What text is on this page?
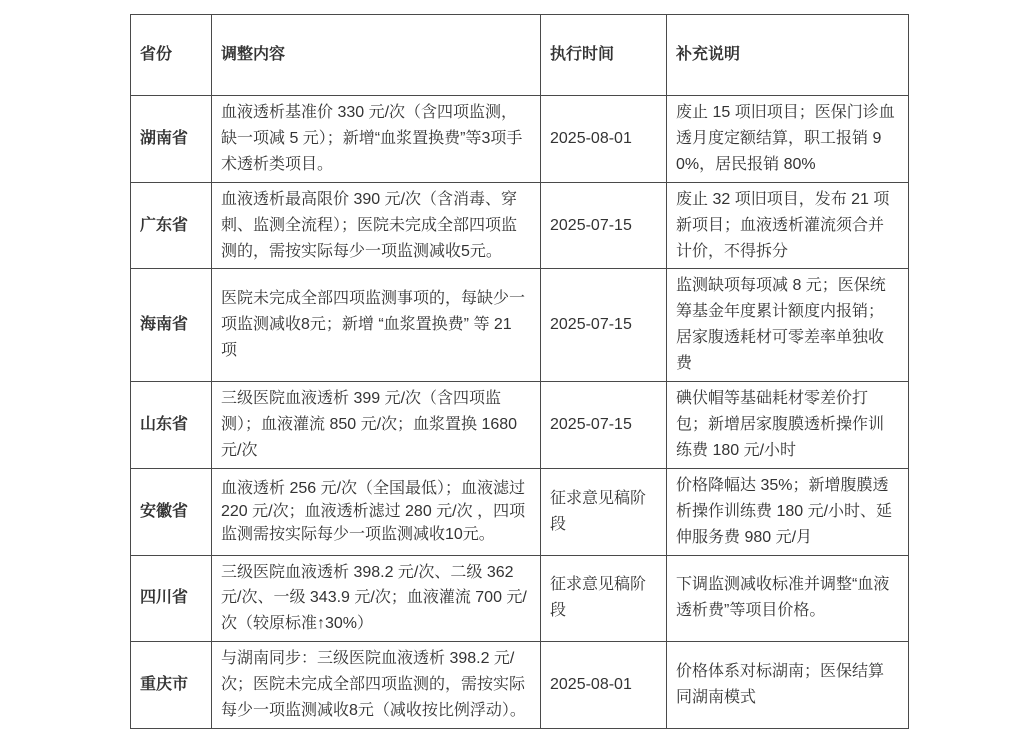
省份	调整内容	执行时间	补充说明
湖南省	血液透析基准价 330 元/次（含四项监测，缺一项减 5 元）；新增“血浆置换费”等3项手术透析类项目。	2025-08-01	废止 15 项旧项目；医保门诊血透月度定额结算，职工报销 90%，居民报销 80%
广东省	血液透析最高限价 390 元/次（含消毒、穿刺、监测全流程）；医院未完成全部四项监测的，需按实际每少一项监测减收5元。	2025-07-15	废止 32 项旧项目，发布 21 项新项目；血液透析灌流须合并计价，不得拆分
海南省	医院未完成全部四项监测事项的，每缺少一项监测减收8元；新增 “血浆置换费” 等 21 项	2025-07-15	监测缺项每项减 8 元；医保统筹基金年度累计额度内报销；居家腹透耗材可零差率单独收费
山东省	三级医院血液透析 399 元/次（含四项监测）；血液灌流 850 元/次；血浆置换 1680 元/次	2025-07-15	碘伏帽等基础耗材零差价打包；新增居家腹膜透析操作训练费 180 元/小时
安徽省	血液透析 256 元/次（全国最低）；血液滤过 220 元/次；血液透析滤过 280 元/次 ，四项监测需按实际每少一项监测减收10元。	征求意见稿阶段	价格降幅达 35%；新增腹膜透析操作训练费 180 元/小时、延伸服务费 980 元/月
四川省	三级医院血液透析 398.2 元/次、二级 362 元/次、一级 343.9 元/次；血液灌流 700 元/次（较原标准↑30%）	征求意见稿阶段	下调监测减收标准并调整“血液透析费”等项目价格。
重庆市	与湖南同步：三级医院血液透析 398.2 元/次；医院未完成全部四项监测的，需按实际每少一项监测减收8元（减收按比例浮动）。	2025-08-01	价格体系对标湖南；医保结算同湖南模式
